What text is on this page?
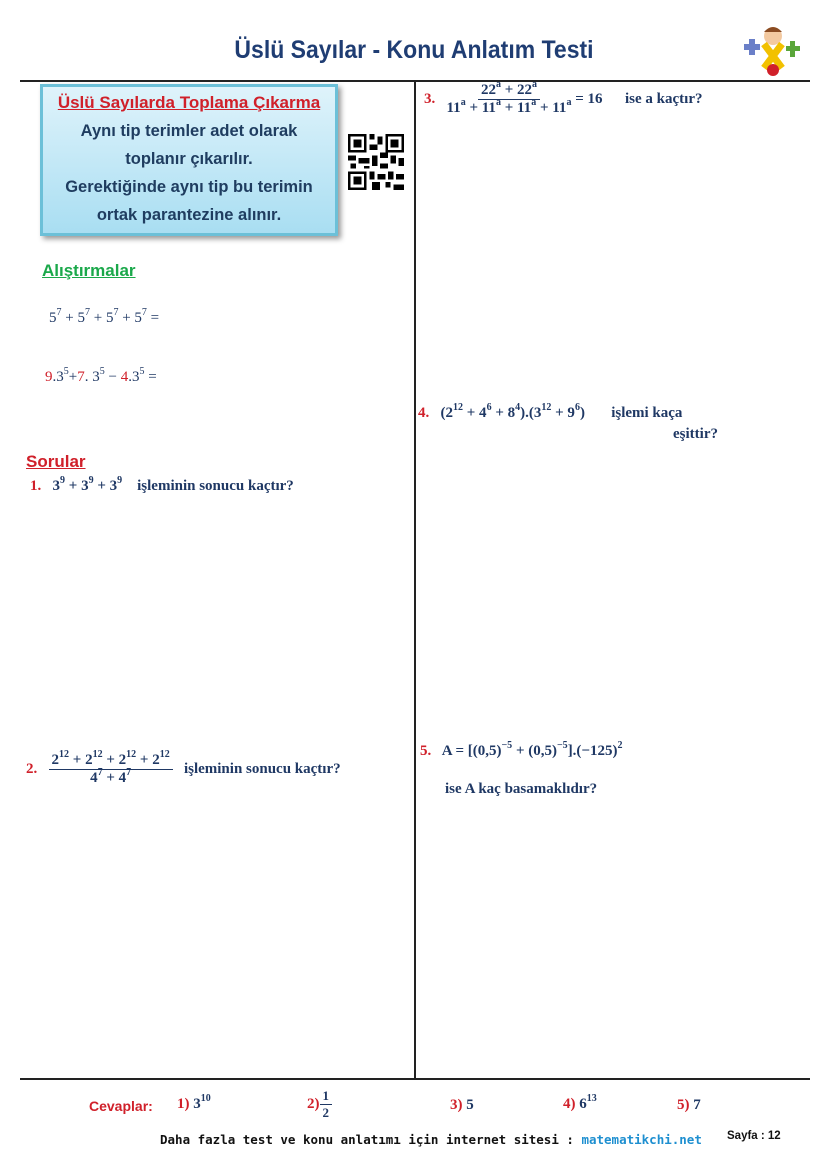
Üslü Sayılar - Konu Anlatım Testi
Üslü Sayılarda Toplama Çıkarma
Aynı tip terimler adet olarak
toplanır çıkarılır.
Gerektiğinde aynı tip bu terimin
ortak parantezine alınır.
Alıştırmalar
$5^7 + 5^7 + 5^7 + 5^7$ =
$9.3^5+7$. $3^5 - 4.3^5$ =
Sorular
1. $3^9 + 3^9 + 3^9$ işleminin sonucu kaçtır?
2. $\frac{2^{12} + 2^{12} + 2^{12} + 2^{12}}{4^7 + 4^7}$ işleminin sonucu kaçtır?
3. $\frac{22^a + 22^a}{11^a + 11^a + 11^a + 11^a} = 16$ ise a kaçtır?
4. $(2^{12} + 4^6 + 8^4).(3^{12} + 9^6)$ işlemi kaça
eşittir?
5. $A = [(0,5)^{-5} + (0,5)^{-5}].(-125)^2$
ise A kaç basamaklıdır?
Cevaplar: 1) $3^{10}$	$2) \frac{1}{2}$	3) 5	4) $6^{13}$	5) 7
Daha fazla test ve konu anlatımı için internet sitesi : matematikchi.net Sayfa : 12
